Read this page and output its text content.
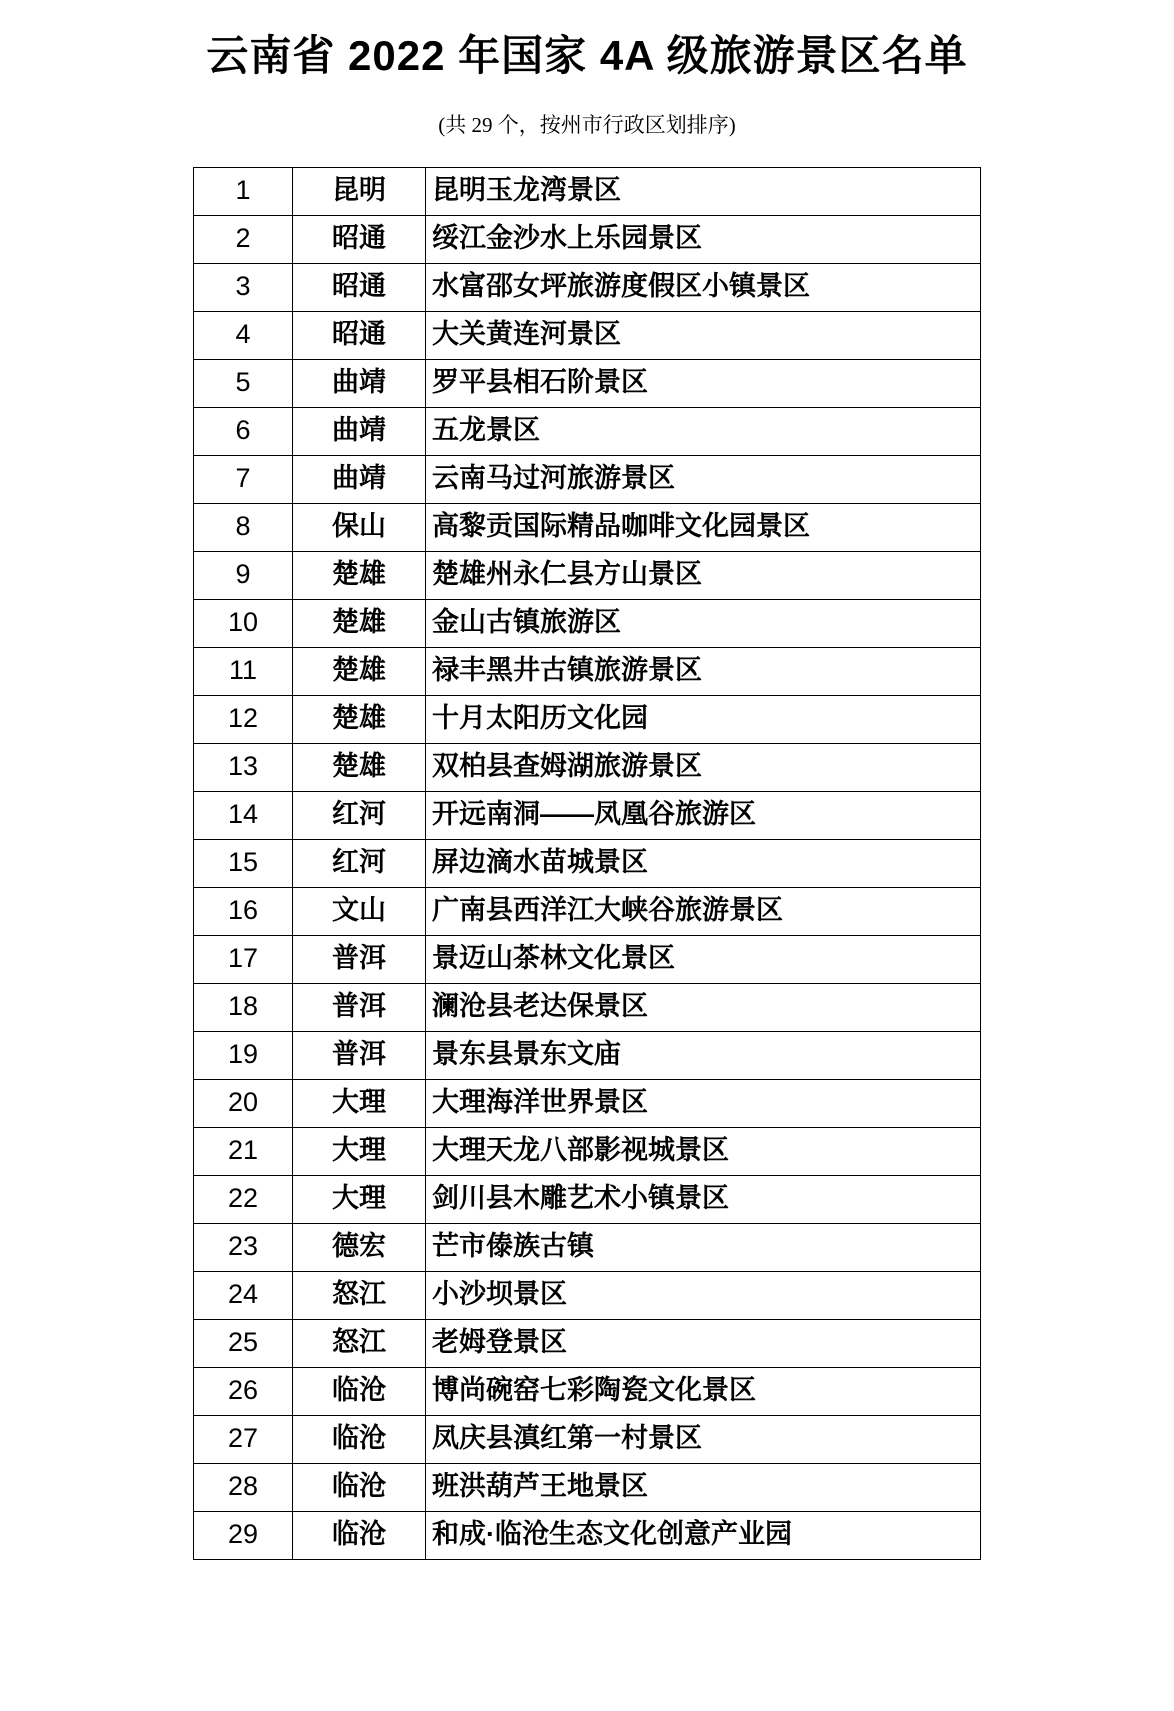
云南省 2022 年国家 4A 级旅游景区名单
(共 29 个，按州市行政区划排序)
1	昆明	昆明玉龙湾景区
2	昭通	绥江金沙水上乐园景区
3	昭通	水富邵女坪旅游度假区小镇景区
4	昭通	大关黄连河景区
5	曲靖	罗平县相石阶景区
6	曲靖	五龙景区
7	曲靖	云南马过河旅游景区
8	保山	高黎贡国际精品咖啡文化园景区
9	楚雄	楚雄州永仁县方山景区
10	楚雄	金山古镇旅游区
11	楚雄	禄丰黑井古镇旅游景区
12	楚雄	十月太阳历文化园
13	楚雄	双柏县查姆湖旅游景区
14	红河	开远南洞——凤凰谷旅游区
15	红河	屏边滴水苗城景区
16	文山	广南县西洋江大峡谷旅游景区
17	普洱	景迈山茶林文化景区
18	普洱	澜沧县老达保景区
19	普洱	景东县景东文庙
20	大理	大理海洋世界景区
21	大理	大理天龙八部影视城景区
22	大理	剑川县木雕艺术小镇景区
23	德宏	芒市傣族古镇
24	怒江	小沙坝景区
25	怒江	老姆登景区
26	临沧	博尚碗窑七彩陶瓷文化景区
27	临沧	凤庆县滇红第一村景区
28	临沧	班洪葫芦王地景区
29	临沧	和成·临沧生态文化创意产业园
